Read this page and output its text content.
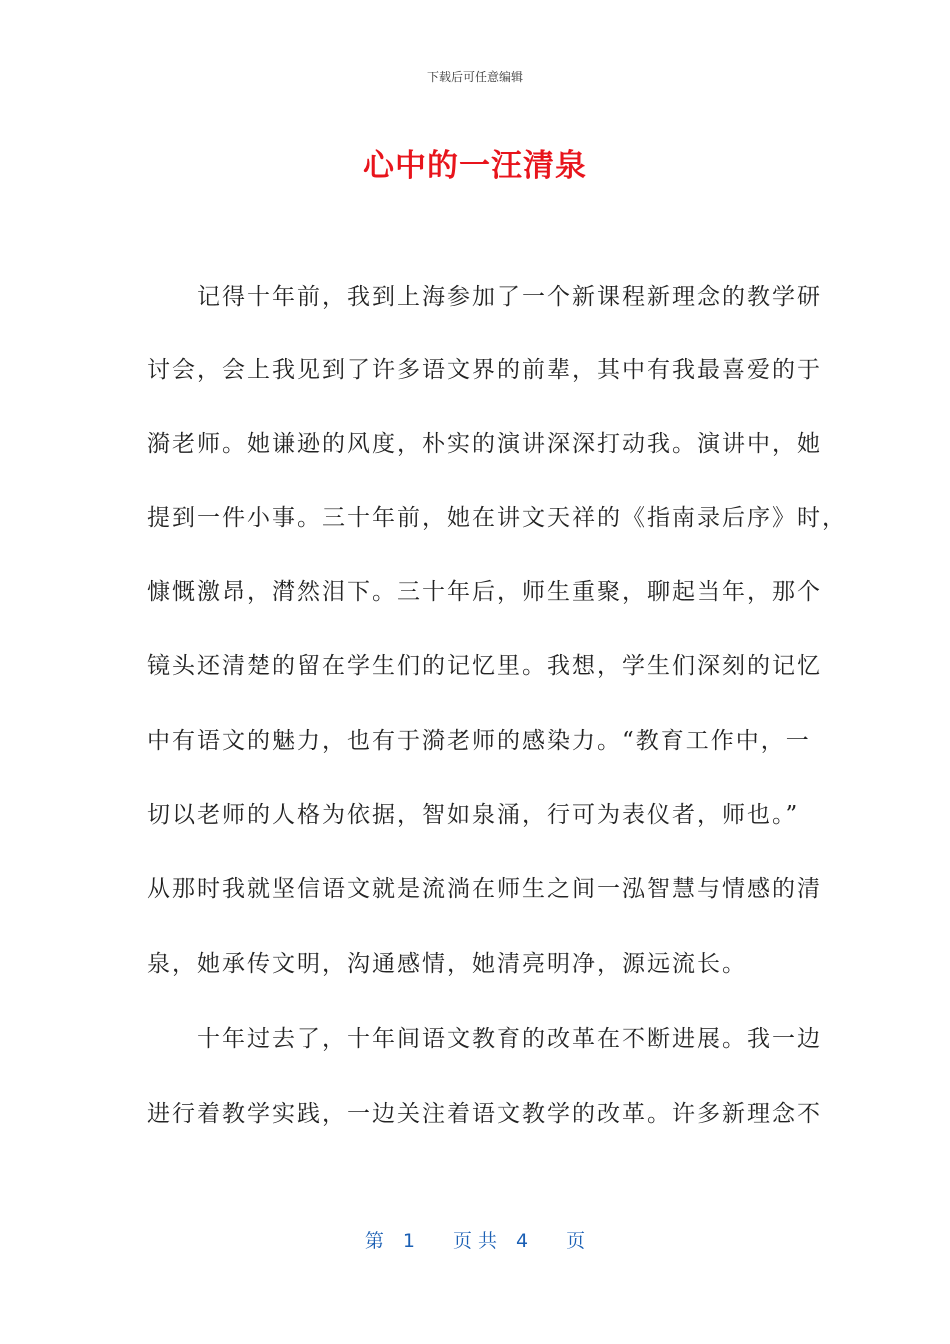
下载后可任意编辑
心中的一汪清泉
　　记得十年前，我到上海参加了一个新课程新理念的教学研
讨会，会上我见到了许多语文界的前辈，其中有我最喜爱的于
漪老师。她谦逊的风度，朴实的演讲深深打动我。演讲中，她
提到一件小事。三十年前，她在讲文天祥的《指南录后序》时，
慷慨激昂，潸然泪下。三十年后，师生重聚，聊起当年，那个
镜头还清楚的留在学生们的记忆里。我想，学生们深刻的记忆
中有语文的魅力，也有于漪老师的感染力。“教育工作中，一
切以老师的人格为依据，智如泉涌，行可为表仪者，师也。”
从那时我就坚信语文就是流淌在师生之间一泓智慧与情感的清
泉，她承传文明，沟通感情，她清亮明净，源远流长。
　　十年过去了，十年间语文教育的改革在不断进展。我一边
进行着教学实践，一边关注着语文教学的改革。许多新理念不
第　1　　页 共　4　　页
